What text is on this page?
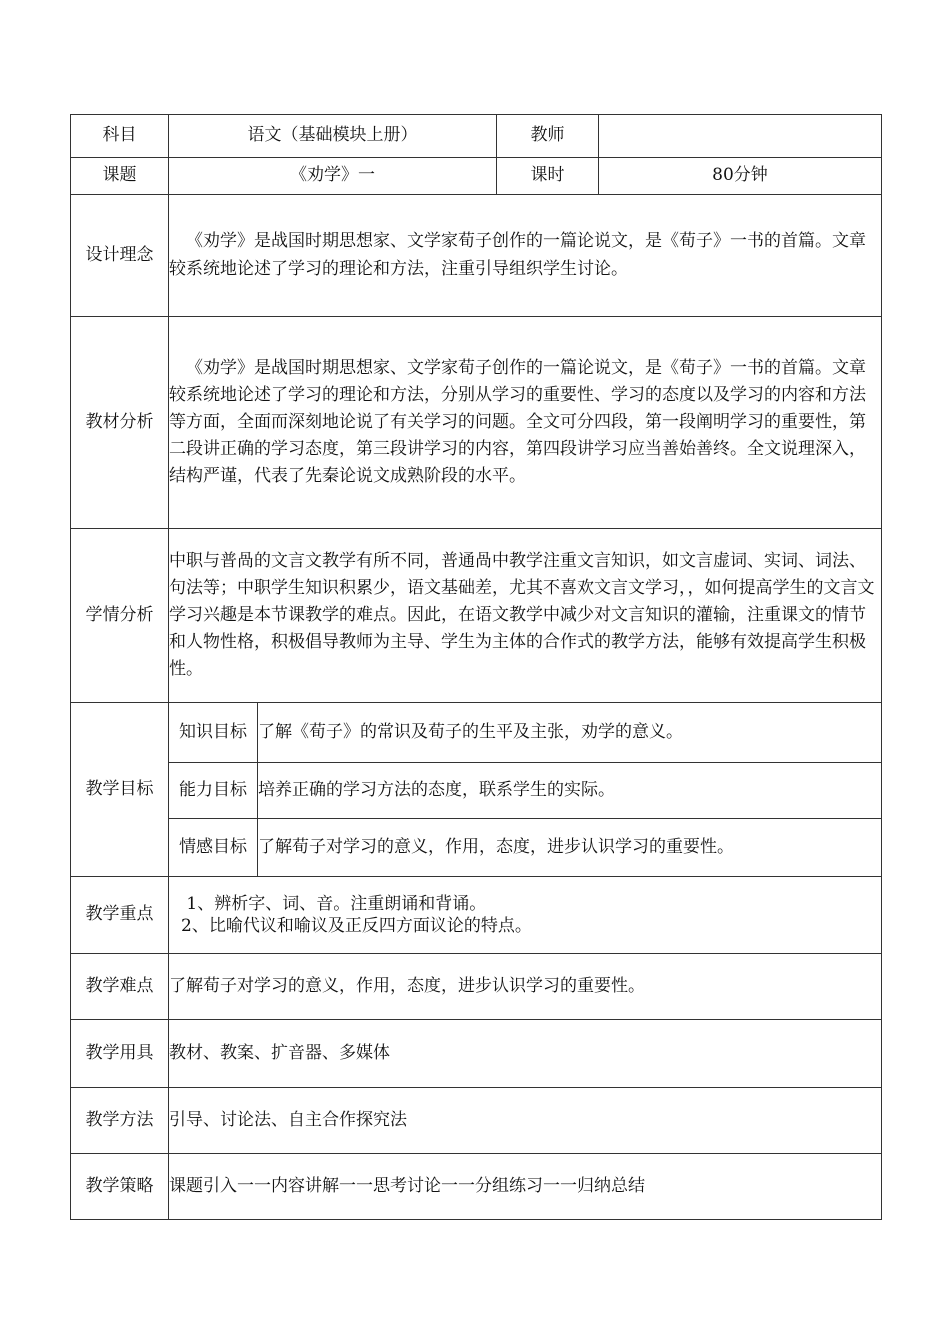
科目	语文（基础模块上册）		教师	
课题	《劝学》一		课时	80分钟
设计理念	《劝学》是战国时期思想家、文学家荀子创作的一篇论说文，是《荀子》一书的首篇。文章较系统地论述了学习的理论和方法，注重引导组织学生讨论。			

教材分析	《劝学》是战国时期思想家、文学家荀子创作的一篇论说文，是《荀子》一书的首篇。文章较系统地论述了学习的理论和方法，分别从学习的重要性、学习的态度以及学习的内容和方法等方面，全面而深刻地论说了有关学习的问题。全文可分四段，第一段阐明学习的重要性，第二段讲正确的学习态度，第三段讲学习的内容，第四段讲学习应当善始善终。全文说理深入，结构严谨，代表了先秦论说文成熟阶段的水平。			

学情分析	中职与普咼的文言文教学有所不同，普通咼中教学注重文言知识，如文言虚词、实词、词法、句法等；中职学生知识积累少，语文基础差，尤其不喜欢文言文学习，，如何提高学生的文言文学习兴趣是本节课教学的难点。因此，在语文教学中减少对文言知识的灌输，注重课文的情节和人物性格，积极倡导教师为主导、学生为主体的合作式的教学方法，能够有效提高学生积极性。			

教学目标	知识目标	了解《荀子》的常识及荀子的生平及主张，劝学的意义。		
	能力目标	培养正确的学习方法的态度，联系学生的实际。		
	情感目标	了解荀子对学习的意义，作用，态度，进步认识学习的重要性。		
教学重点	1、辨析字、词、音。注重朗诵和背诵。
2、比喻代议和喻议及正反四方面议论的特点。			

教学难点	了解荀子对学习的意义，作用，态度，进步认识学习的重要性。			
教学用具	教材、教案、扩音器、多媒体			
教学方法	引导、讨论法、自主合作探究法			
教学策略	课题引入一一内容讲解一一思考讨论一一分组练习一一归纳总结			
